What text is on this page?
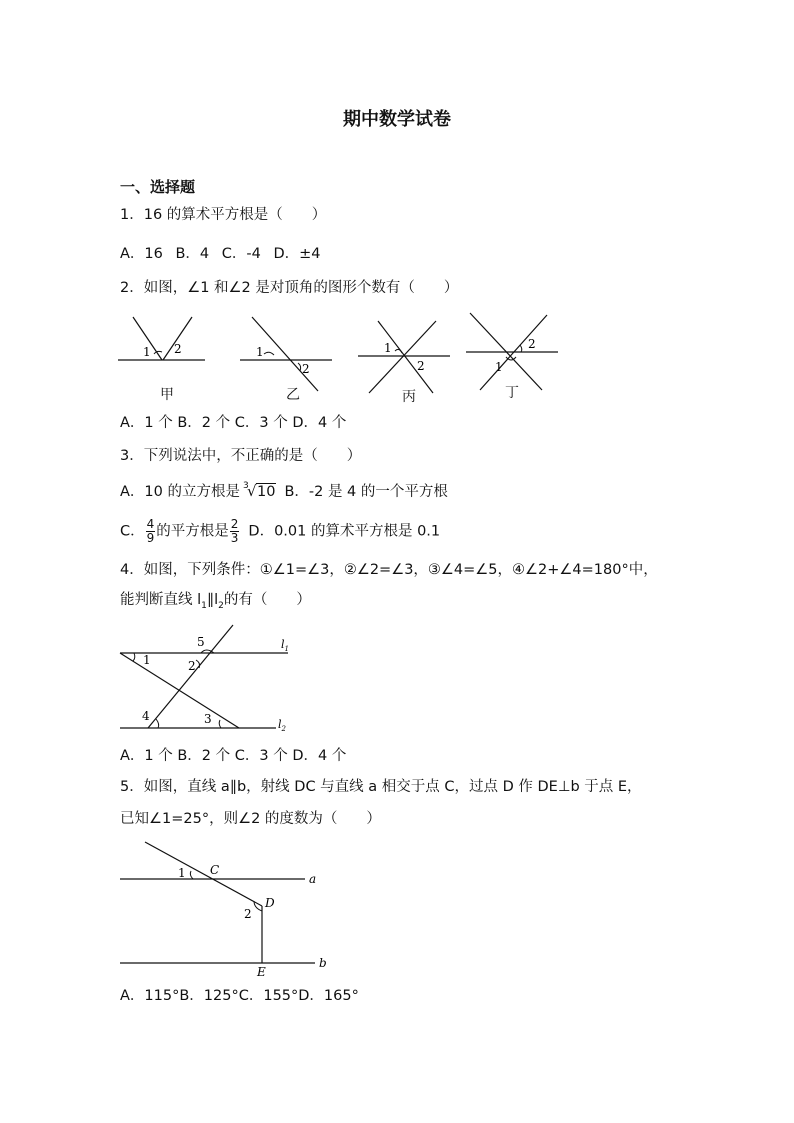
期中数学试卷
一、选择题
1．16 的算术平方根是（　　）
A．16 B．4 C．-4 D．±4
2．如图，∠1 和∠2 是对顶角的图形个数有（　　）
1 2	1
2
1
2	1
2
甲	乙	丙	丁
A．1 个 B．2 个 C．3 个 D．4 个
3．下列说法中，不正确的是（　　）
A．10 的立方根是 3
√ 10 B．-2 是 4 的一个平方根
C． $\frac{4}{9}$ 的平方根是 $\frac{2}{3}$ D．0.01 的算术平方根是 0.1
4．如图，下列条件：①∠1=∠3，②∠2=∠3，③∠4=∠5，④∠2+∠4=180°中，
能判断直线 $l_1\parallel l_2$的有（　　）
1	2
3
4
5	$l_1$
$l_2$
A．1 个 B．2 个 C．3 个 D．4 个
5．如图，直线 a∥b，射线 DC 与直线 a 相交于点 C，过点 D 作 DE⊥b 于点 E，
已知∠1=25°，则∠2 的度数为（　　）
1 C
a
2
D
E
b
A．115°B．125°C．155°D．165°
